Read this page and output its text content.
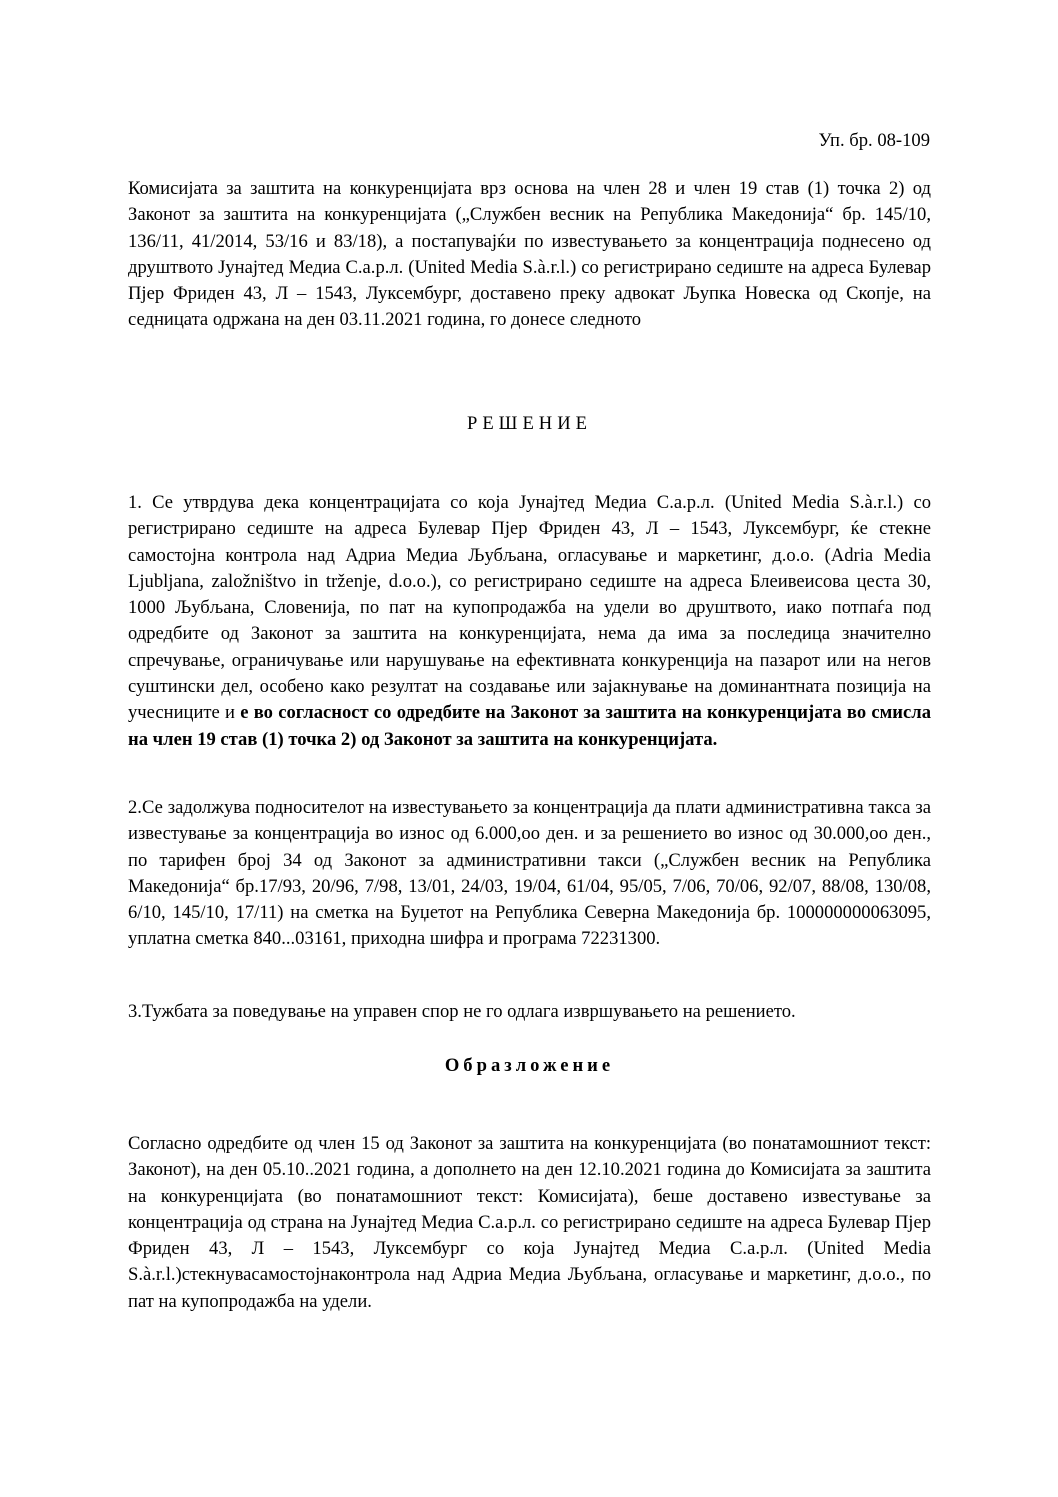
Уп. бр. 08-109

Комисијата за заштита на конкуренцијата врз основа на член 28 и член 19 став (1) точка 2) од Законот за заштита на конкуренцијата („Службен весник на Република Македонија“ бр. 145/10, 136/11, 41/2014, 53/16 и 83/18), а постапувајќи по известувањето за концентрација поднесено од друштвото Јунајтед Медиа С.а.р.л. (United Media S.à.r.l.) со регистрирано седиште на адреса Булевар Пјер Фриден 43, Л – 1543, Луксембург, доставено преку адвокат Љупка Новеска од Скопје, на седницата одржана на ден 03.11.2021 година, го донесе следното

РЕШЕНИЕ

1. Се утврдува дека концентрацијата со која Јунајтед Медиа С.а.р.л. (United Media S.à.r.l.) со регистрирано седиште на адреса Булевар Пјер Фриден 43, Л – 1543, Луксембург, ќе стекне самостојна контрола над Адриа Медиа Љубљана, огласување и маркетинг, д.о.о. (Adria Media Ljubljana, založništvo in trženje, d.o.o.), со регистрирано седиште на адреса Блеивеисова цеста 30, 1000 Љубљана, Словенија, по пат на купопродажба на удели во друштвото, иако потпаѓа под одредбите од Законот за заштита на конкуренцијата, нема да има за последица значително спречување, ограничување или нарушување на ефективната конкуренција на пазарот или на негов суштински дел, особено како резултат на создавање или зајакнување на доминантната позиција на учесниците и е во согласност со одредбите на Законот за заштита на конкуренцијата во смисла на член 19 став (1) точка 2) од Законот за заштита на конкуренцијата.

2.Се задолжува подносителот на известувањето за концентрација да плати административна такса за известување за концентрација во износ од 6.000,оо ден. и за решението во износ од 30.000,оо ден., по тарифен број 34 од Законот за административни такси („Службен весник на Република Македонија“ бр.17/93, 20/96, 7/98, 13/01, 24/03, 19/04, 61/04, 95/05, 7/06, 70/06, 92/07, 88/08, 130/08, 6/10, 145/10, 17/11) на сметка на Буџетот на Република Северна Македонија бр. 100000000063095, уплатна сметка 840...03161, приходна шифра и програма 72231300.

3.Тужбата за поведување на управен спор не го одлага извршувањето на решението.

Образложение

Согласно одредбите од член 15 од Законот за заштита на конкуренцијата (во понатамошниот текст: Законот), на ден 05.10..2021 година, а дополнето на ден 12.10.2021 година до Комисијата за заштита на конкуренцијата (во понатамошниот текст: Комисијата), беше доставено известување за концентрација од страна на Јунајтед Медиа С.а.р.л. со регистрирано седиште на адреса Булевар Пјер Фриден 43, Л – 1543, Луксембург со која Јунајтед Медиа С.а.р.л. (United Media S.à.r.l.)стекнувасамостојнаконтрола над Адриа Медиа Љубљана, огласување и маркетинг, д.о.о., по пат на купопродажба на удели.
